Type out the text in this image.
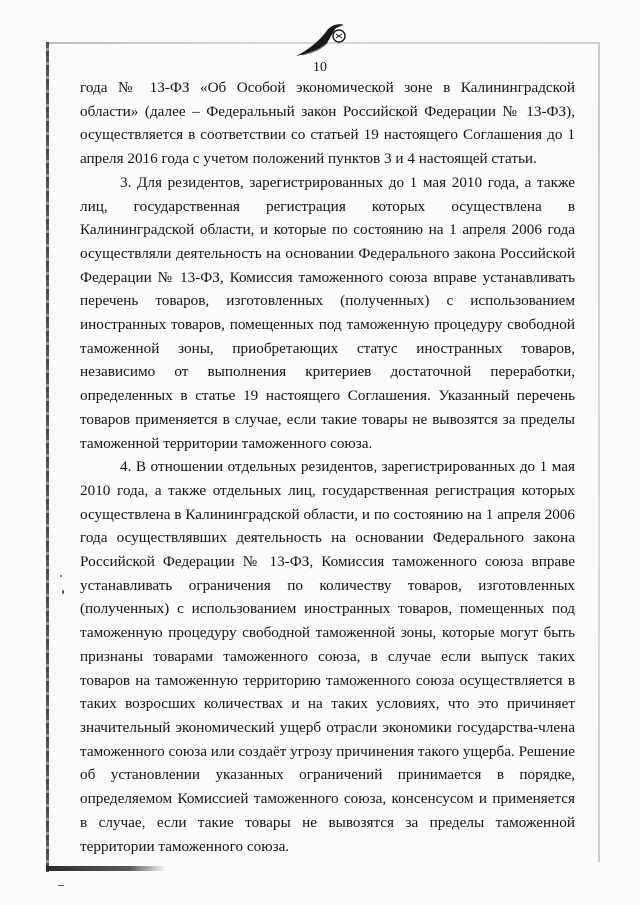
10

года № 13-ФЗ «Об Особой экономической зоне в Калининградской области» (далее – Федеральный закон Российской Федерации № 13-ФЗ), осуществляется в соответствии со статьей 19 настоящего Соглашения до 1 апреля 2016 года с учетом положений пунктов 3 и 4 настоящей статьи.

3. Для резидентов, зарегистрированных до 1 мая 2010 года, а также лиц, государственная регистрация которых осуществлена в Калининградской области, и которые по состоянию на 1 апреля 2006 года осуществляли деятельность на основании Федерального закона Российской Федерации № 13-ФЗ, Комиссия таможенного союза вправе устанавливать перечень товаров, изготовленных (полученных) с использованием иностранных товаров, помещенных под таможенную процедуру свободной таможенной зоны, приобретающих статус иностранных товаров, независимо от выполнения критериев достаточной переработки, определенных в статье 19 настоящего Соглашения. Указанный перечень товаров применяется в случае, если такие товары не вывозятся за пределы таможенной территории таможенного союза.

4. В отношении отдельных резидентов, зарегистрированных до 1 мая 2010 года, а также отдельных лиц, государственная регистрация которых осуществлена в Калининградской области, и по состоянию на 1 апреля 2006 года осуществлявших деятельность на основании Федерального закона Российской Федерации № 13-ФЗ, Комиссия таможенного союза вправе устанавливать ограничения по количеству товаров, изготовленных (полученных) с использованием иностранных товаров, помещенных под таможенную процедуру свободной таможенной зоны, которые могут быть признаны товарами таможенного союза, в случае если выпуск таких товаров на таможенную территорию таможенного союза осуществляется в таких возросших количествах и на таких условиях, что это причиняет значительный экономический ущерб отрасли экономики государства-члена таможенного союза или создаёт угрозу причинения такого ущерба. Решение об установлении указанных ограничений принимается в порядке, определяемом Комиссией таможенного союза, консенсусом и применяется в случае, если такие товары не вывозятся за пределы таможенной территории таможенного союза.
